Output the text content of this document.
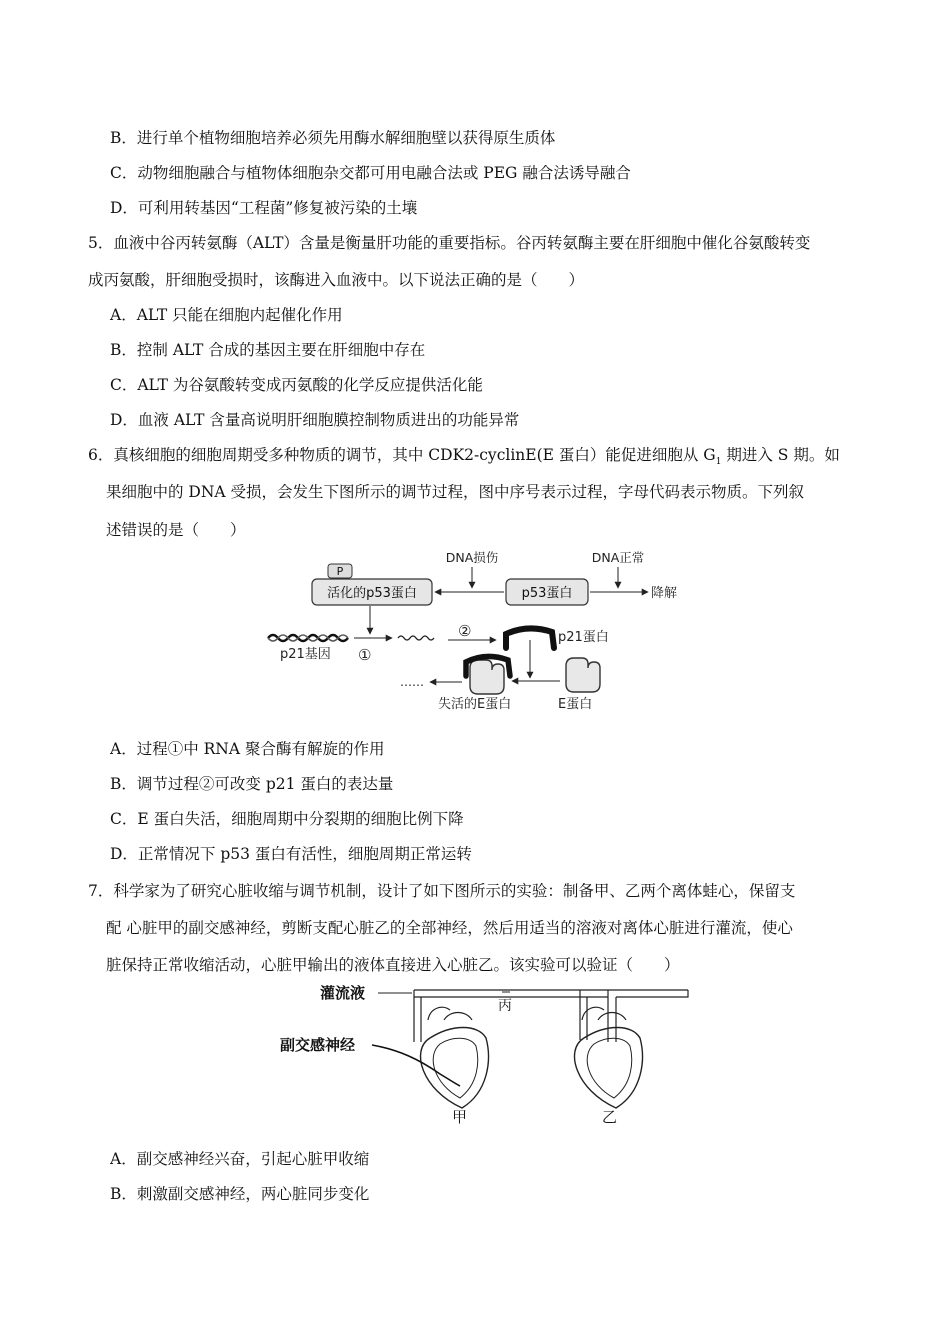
B．进行单个植物细胞培养必须先用酶水解细胞壁以获得原生质体
C．动物细胞融合与植物体细胞杂交都可用电融合法或 PEG 融合法诱导融合
D．可利用转基因“工程菌”修复被污染的土壤
5．血液中谷丙转氨酶（ALT）含量是衡量肝功能的重要指标。谷丙转氨酶主要在肝细胞中催化谷氨酸转变
成丙氨酸，肝细胞受损时，该酶进入血液中。以下说法正确的是（　　）
A．ALT 只能在细胞内起催化作用
B．控制 ALT 合成的基因主要在肝细胞中存在
C．ALT 为谷氨酸转变成丙氨酸的化学反应提供活化能
D．血液 ALT 含量高说明肝细胞膜控制物质进出的功能异常
6．真核细胞的细胞周期受多种物质的调节，其中 CDK2-cyclinE(E 蛋白）能促进细胞从 $G_1$ 期进入 S 期。如
果细胞中的 DNA 受损，会发生下图所示的调节过程，图中序号表示过程，字母代码表示物质。下列叙
述错误的是（　　）
P
活化的p53蛋白
DNA损伤
p53蛋白
DNA正常
降解
p21基因 ①
②	p21蛋白
E蛋白
失活的E蛋白
……
A．过程①中 RNA 聚合酶有解旋的作用
B．调节过程②可改变 p21 蛋白的表达量
C．E 蛋白失活，细胞周期中分裂期的细胞比例下降
D．正常情况下 p53 蛋白有活性，细胞周期正常运转
7．科学家为了研究心脏收缩与调节机制，设计了如下图所示的实验：制备甲、乙两个离体蛙心，保留支
配 心脏甲的副交感神经，剪断支配心脏乙的全部神经，然后用适当的溶液对离体心脏进行灌流，使心
脏保持正常收缩活动，心脏甲输出的液体直接进入心脏乙。该实验可以验证（　　）
灌流液
丙
副交感神经
甲	乙
A．副交感神经兴奋，引起心脏甲收缩
B．刺激副交感神经，两心脏同步变化
